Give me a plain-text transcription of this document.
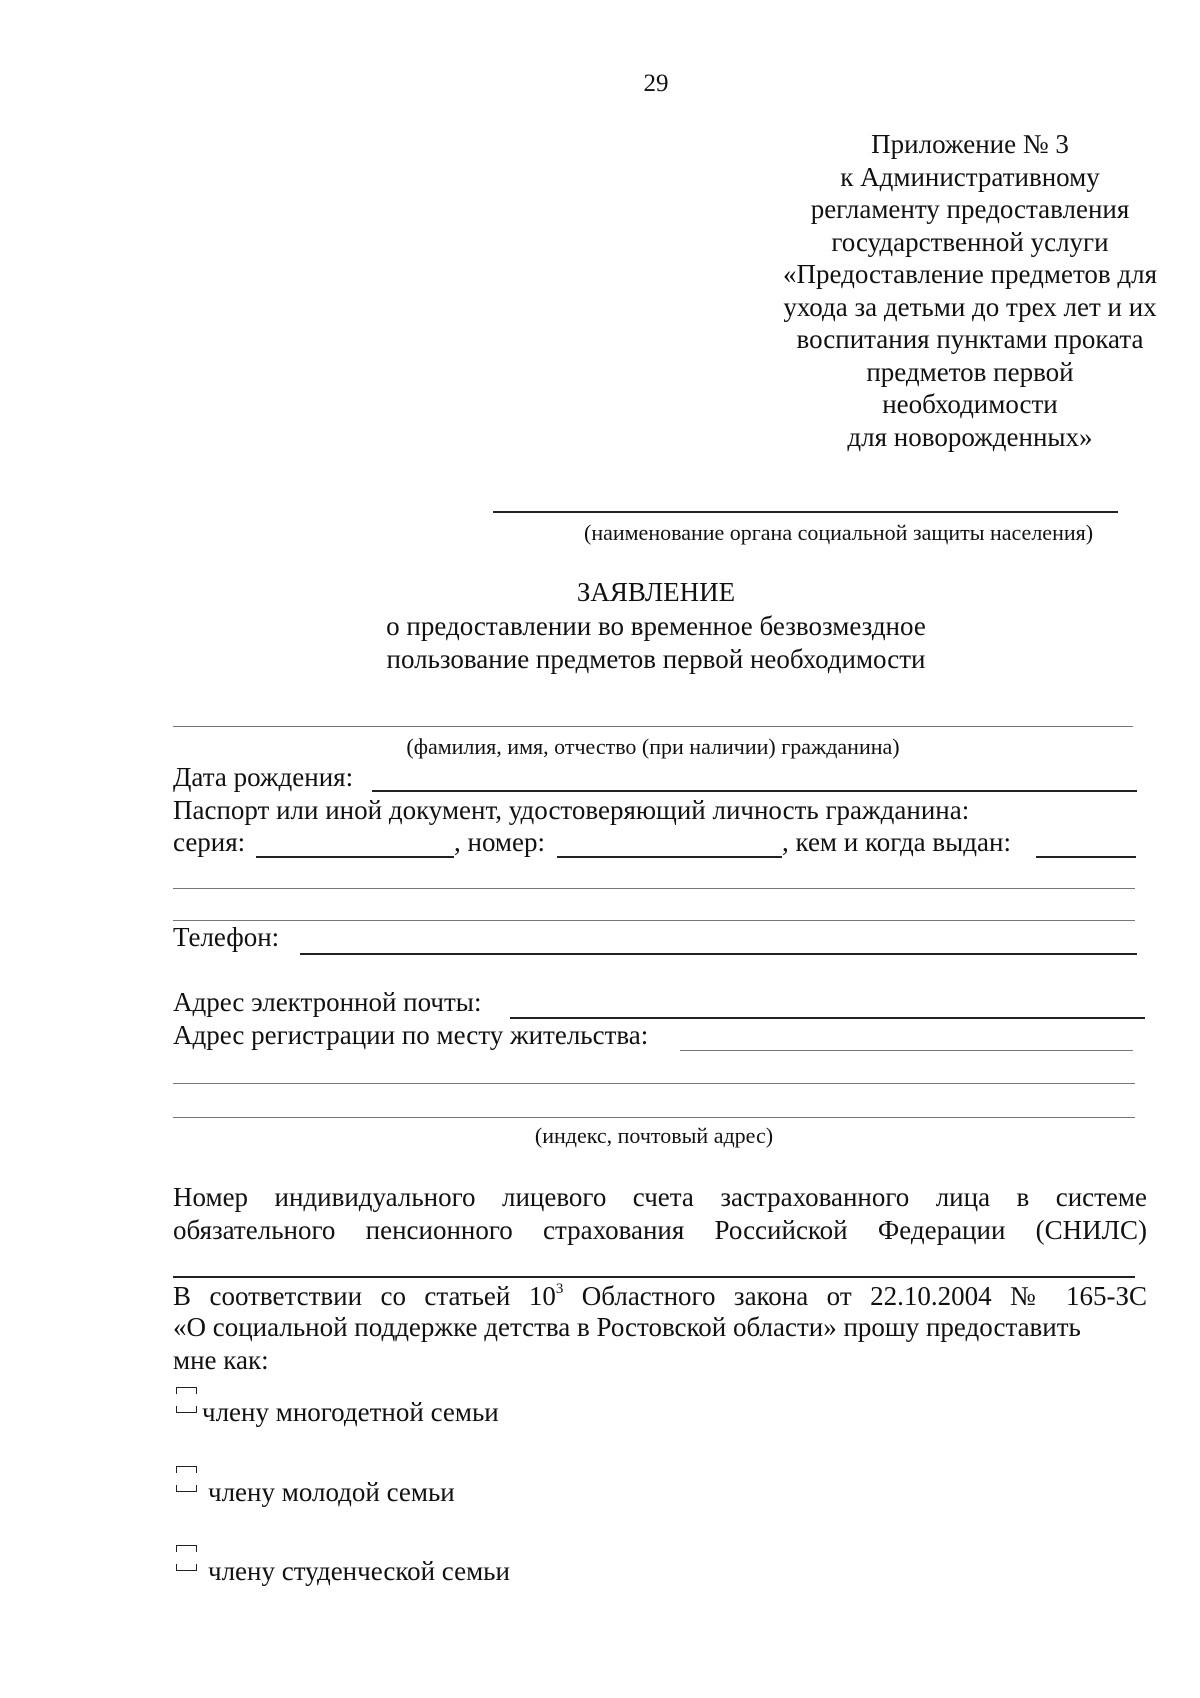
29
Приложение № 3
к Административному
регламенту предоставления
государственной услуги
«Предоставление предметов для
ухода за детьми до трех лет и их
воспитания пунктами проката
предметов первой
необходимости
для новорожденных»
(наименование органа социальной защиты населения)
ЗАЯВЛЕНИЕ
о предоставлении во временное безвозмездное
пользование предметов первой необходимости
(фамилия, имя, отчество (при наличии) гражданина)
Дата рождения:
Паспорт или иной документ, удостоверяющий личность гражданина:
серия:	, номер:	, кем и когда выдан:
Телефон:
Адрес электронной почты:
Адрес регистрации по месту жительства:
(индекс, почтовый адрес)
Номер индивидуального лицевого счета застрахованного лица в системе обязательного пенсионного страхования Российской Федерации (СНИЛС)
В соответствии со статьей $10^3$ Областного закона от 22.10.2004 № 165-ЗС
«О социальной поддержке детства в Ростовской области» прошу предоставить
мне как:
члену многодетной семьи
члену молодой семьи
члену студенческой семьи
